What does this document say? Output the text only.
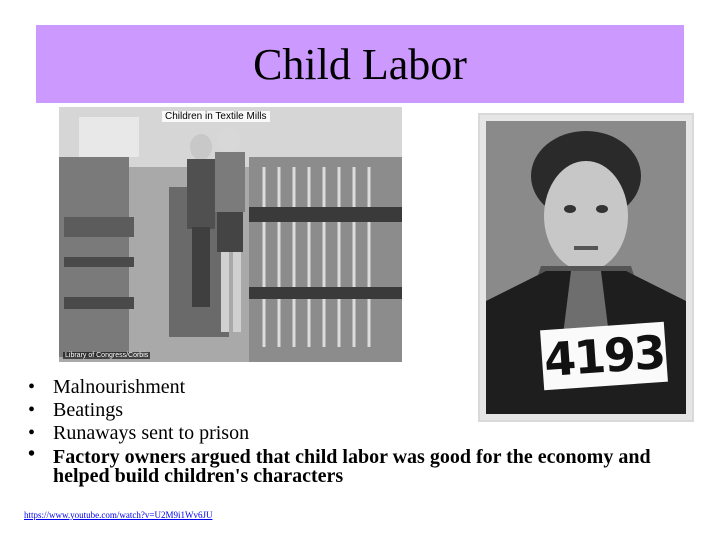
Child Labor
Children in Textile Mills
Library of Congress/Corbis	4193
• Malnourishment
• Beatings
• Runaways sent to prison
• Factory owners argued that child labor was good for the economy and helped build children's characters
https://www.youtube.com/watch?v=U2M9i1Wv6JU
